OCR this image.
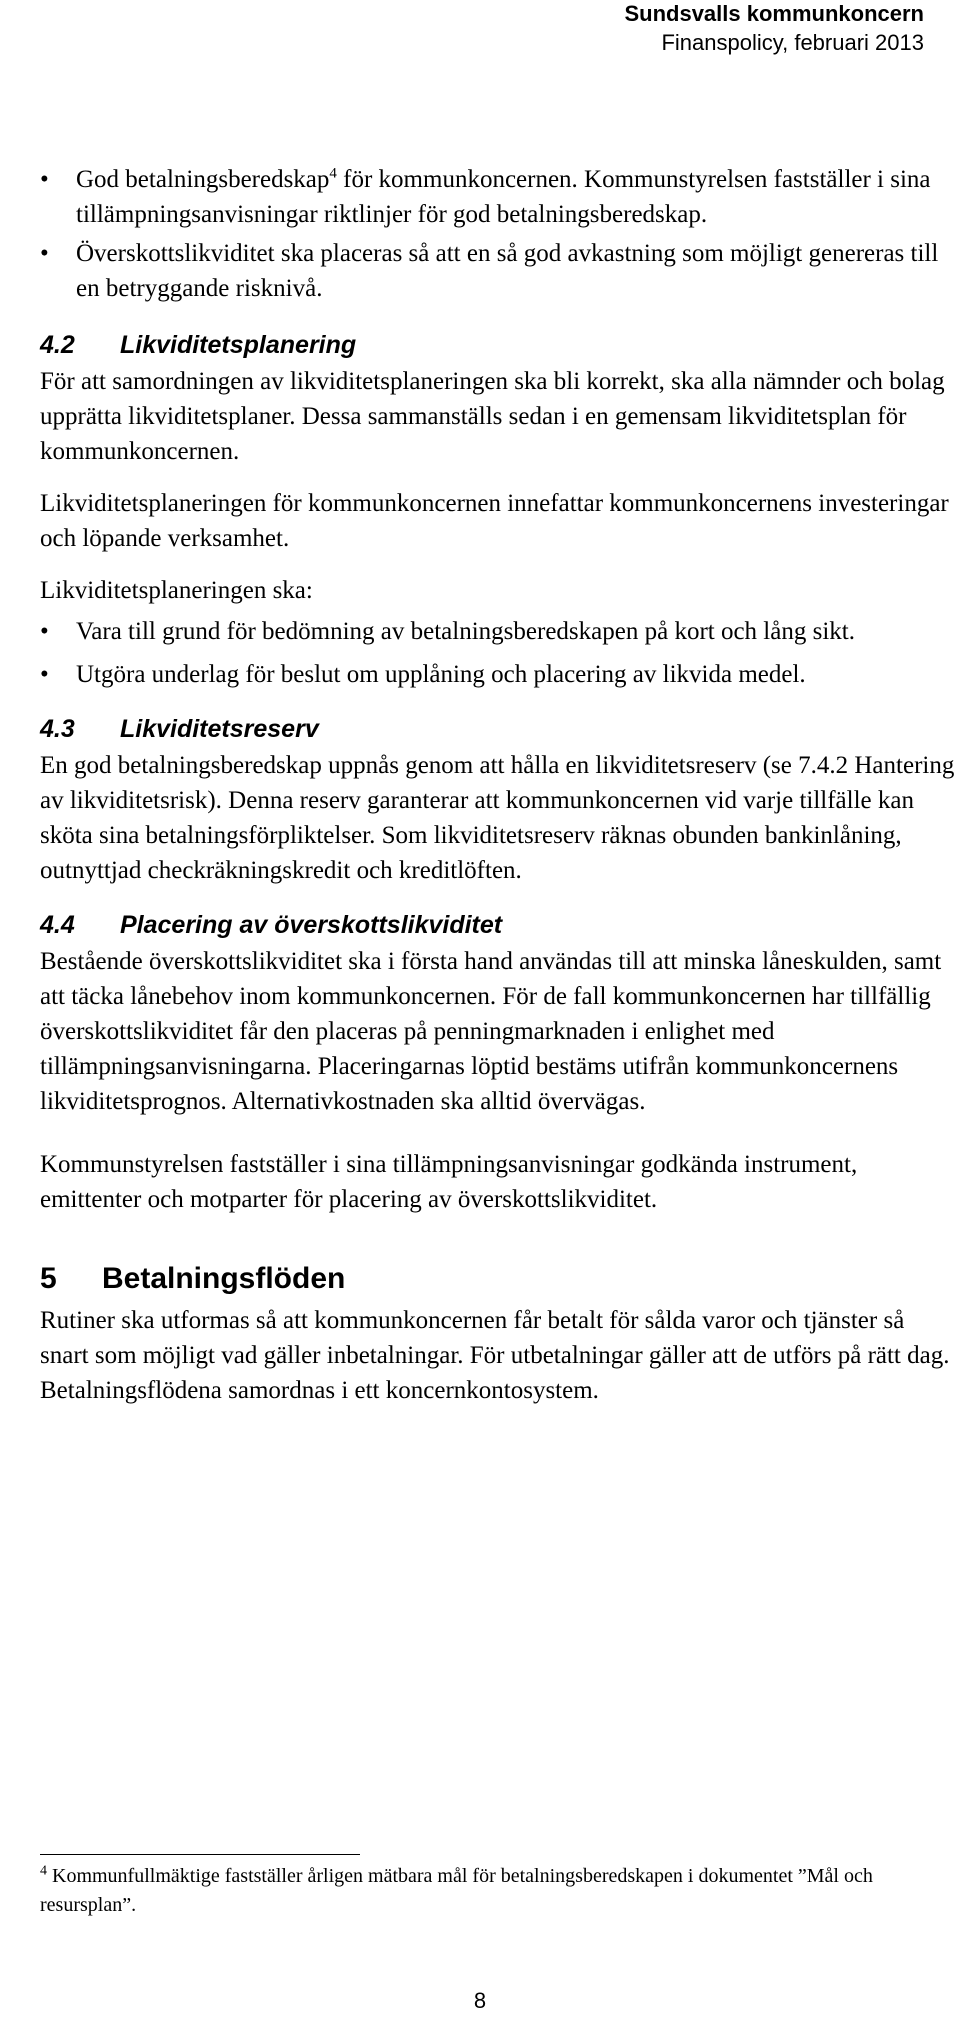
Sundsvalls kommunkoncern
Finanspolicy, februari 2013
• God betalningsberedskap$^4$ för kommunkoncernen. Kommunstyrelsen fastställer i sina tillämpningsanvisningar riktlinjer för god betalningsberedskap.
• Överskottslikviditet ska placeras så att en så god avkastning som möjligt genereras till en betryggande risknivå.
4.2	Likviditetsplanering

För att samordningen av likviditetsplaneringen ska bli korrekt, ska alla nämnder och bolag upprätta likviditetsplaner. Dessa sammanställs sedan i en gemensam likviditetsplan för kommunkoncernen.

Likviditetsplaneringen för kommunkoncernen innefattar kommunkoncernens investeringar och löpande verksamhet.

Likviditetsplaneringen ska:

• Vara till grund för bedömning av betalningsberedskapen på kort och lång sikt.
• Utgöra underlag för beslut om upplåning och placering av likvida medel.
4.3	Likviditetsreserv

En god betalningsberedskap uppnås genom att hålla en likviditetsreserv (se 7.4.2 Hantering av likviditetsrisk). Denna reserv garanterar att kommunkoncernen vid varje tillfälle kan sköta sina betalningsförpliktelser. Som likviditetsreserv räknas obunden bankinlåning, outnyttjad checkräkningskredit och kreditlöften.

4.4	Placering av överskottslikviditet

Bestående överskottslikviditet ska i första hand användas till att minska låneskulden, samt att täcka lånebehov inom kommunkoncernen. För de fall kommunkoncernen har tillfällig överskottslikviditet får den placeras på penningmarknaden i enlighet med tillämpningsanvisningarna. Placeringarnas löptid bestäms utifrån kommunkoncernens likviditetsprognos. Alternativkostnaden ska alltid övervägas.

Kommunstyrelsen fastställer i sina tillämpningsanvisningar godkända instrument, emittenter och motparter för placering av överskottslikviditet.

5	Betalningsflöden

Rutiner ska utformas så att kommunkoncernen får betalt för sålda varor och tjänster så snart som möjligt vad gäller inbetalningar. För utbetalningar gäller att de utförs på rätt dag. Betalningsflödena samordnas i ett koncernkontosystem.

$^4$ Kommunfullmäktige fastställer årligen mätbara mål för betalningsberedskapen i dokumentet ”Mål och resursplan”.
8
